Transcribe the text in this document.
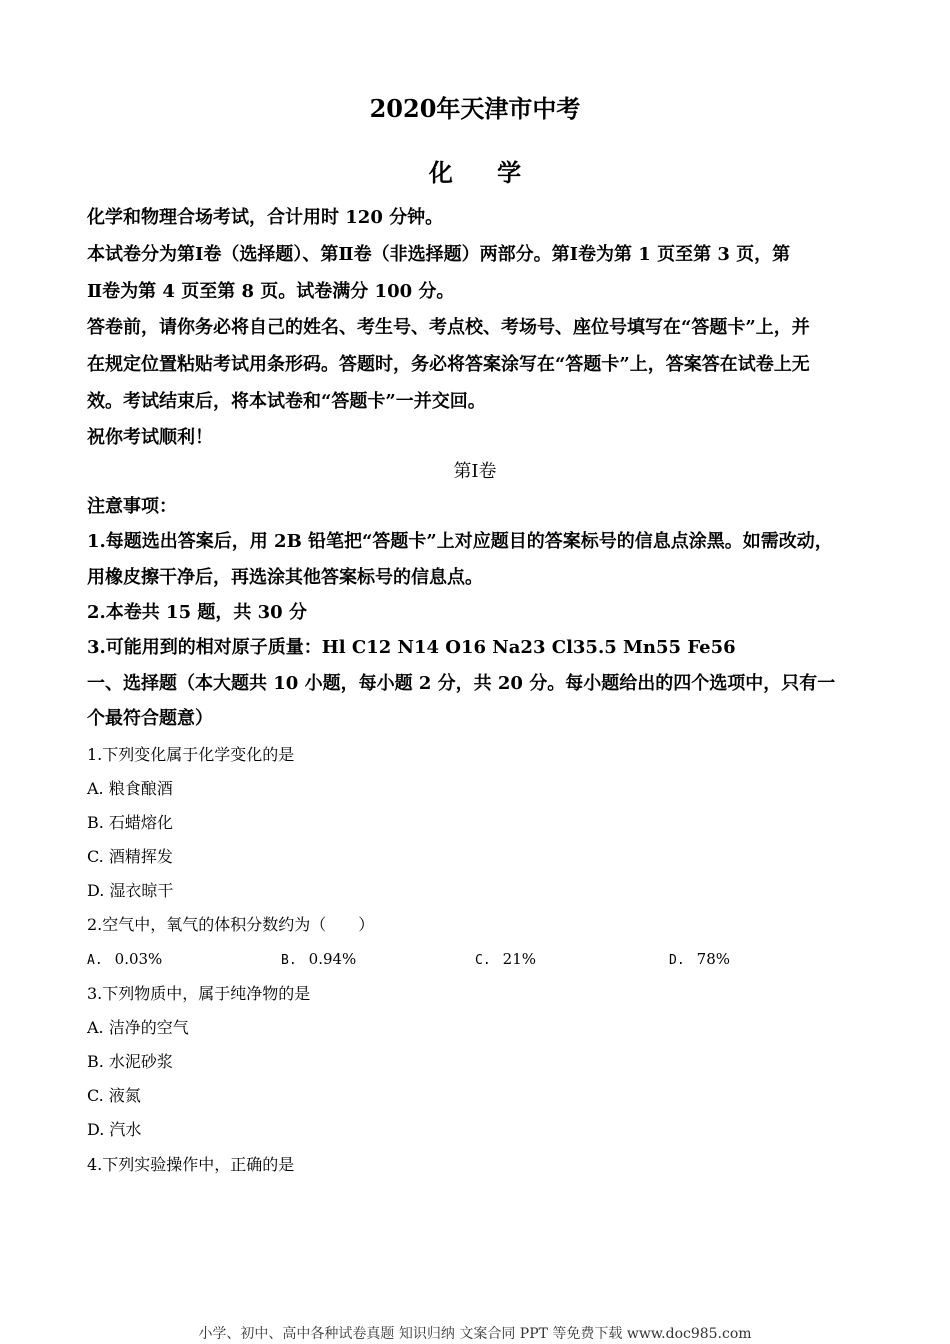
2020年天津市中考
化 学
化学和物理合场考试，合计用时 120 分钟。
本试卷分为第Ⅰ卷（选择题）、第Ⅱ卷（非选择题）两部分。第Ⅰ卷为第 1 页至第 3 页，第
Ⅱ卷为第 4 页至第 8 页。试卷满分 100 分。
答卷前，请你务必将自己的姓名、考生号、考点校、考场号、座位号填写在“答题卡”上，并
在规定位置粘贴考试用条形码。答题时，务必将答案涂写在“答题卡”上，答案答在试卷上无
效。考试结束后，将本试卷和“答题卡”一并交回。
祝你考试顺利！
第Ⅰ卷
注意事项：
1.每题选出答案后，用 2B 铅笔把“答题卡”上对应题目的答案标号的信息点涂黑。如需改动，
用橡皮擦干净后，再选涂其他答案标号的信息点。
2.本卷共 15 题，共 30 分
3.可能用到的相对原子质量：Hl C12 N14 O16 Na23 Cl35.5 Mn55 Fe56
一、选择题（本大题共 10 小题，每小题 2 分，共 20 分。每小题给出的四个选项中，只有一
个最符合题意）
1.下列变化属于化学变化的是
A. 粮食酿酒
B. 石蜡熔化
C. 酒精挥发
D. 湿衣晾干
2.空气中，氧气的体积分数约为（　　）
A. 0.03%	B. 0.94%	C. 21%	D. 78%
3.下列物质中，属于纯净物的是
A. 洁净的空气
B. 水泥砂浆
C. 液氮
D. 汽水
4.下列实验操作中，正确的是
小学、初中、高中各种试卷真题 知识归纳 文案合同 PPT 等免费下载 www.doc985.com
